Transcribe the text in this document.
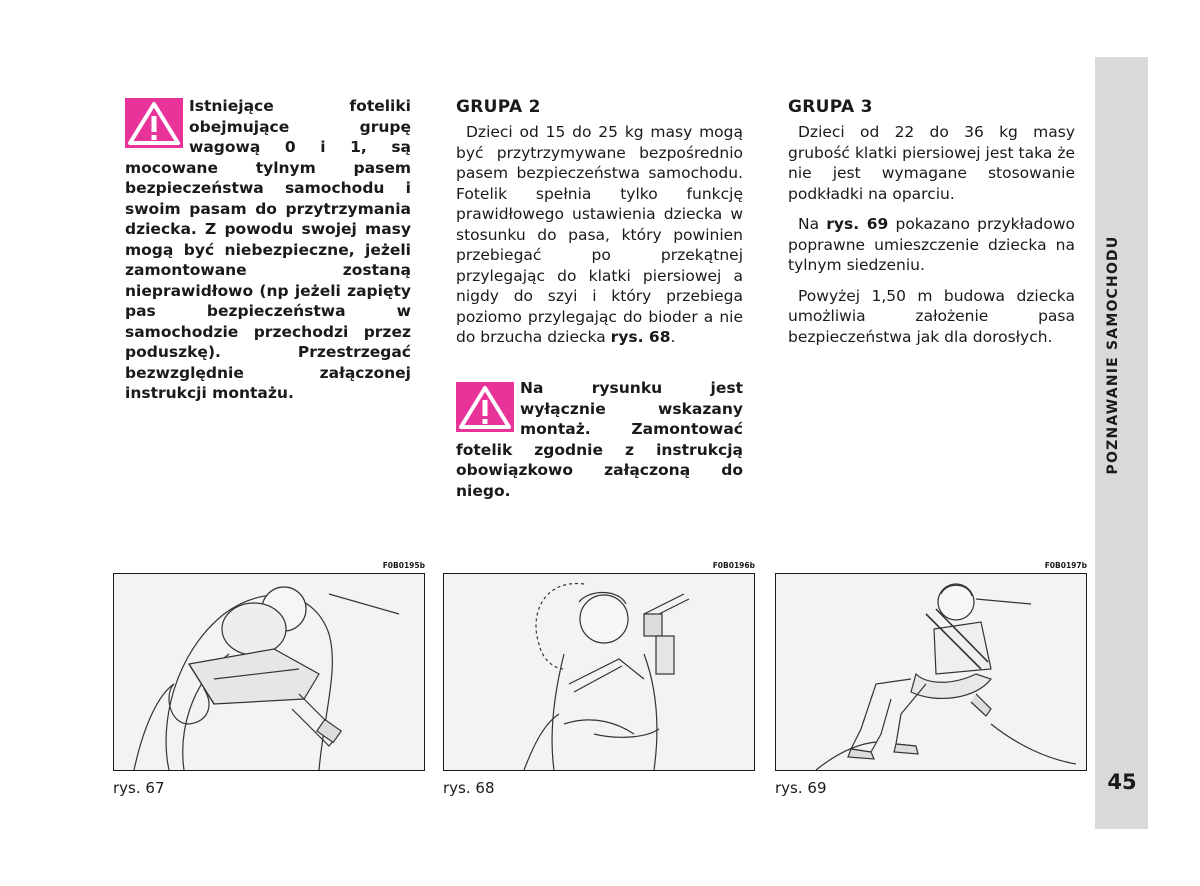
Istniejące foteliki obejmujące grupę wagową 0 i 1, są mocowane tylnym pasem bezpieczeństwa samochodu i swoim pasam do przytrzymania dziecka. Z powodu swojej masy mogą być niebezpieczne, jeżeli zamontowane zostaną nieprawidłowo (np jeżeli zapięty pas bezpieczeństwa w samochodzie przechodzi przez poduszkę). Przestrzegać bezwzględnie załączonej instrukcji montażu.
GRUPA 2

Dzieci od 15 do 25 kg masy mogą być przytrzymywane bezpośrednio pasem bezpieczeństwa samochodu. Fotelik spełnia tylko funkcję prawidłowego ustawienia dziecka w stosunku do pasa, który powinien przebiegać po przekątnej przylegając do klatki piersiowej a nigdy do szyi i który przebiega poziomo przylegając do bioder a nie do brzucha dziecka rys. 68.

Na rysunku jest wyłącznie wskazany montaż. Zamontować fotelik zgodnie z instrukcją obowiązkowo załączoną do niego.
GRUPA 3

Dzieci od 22 do 36 kg masy grubość klatki piersiowej jest taka że nie jest wymagane stosowanie podkładki na oparciu.

Na rys. 69 pokazano przykładowo poprawne umieszczenie dziecka na tylnym siedzeniu.

Powyżej 1,50 m budowa dziecka umożliwia założenie pasa bezpieczeństwa jak dla dorosłych.

F0B0195b
rys. 67
F0B0196b
rys. 68
F0B0197b
rys. 69
POZNAWANIE SAMOCHODU
45
